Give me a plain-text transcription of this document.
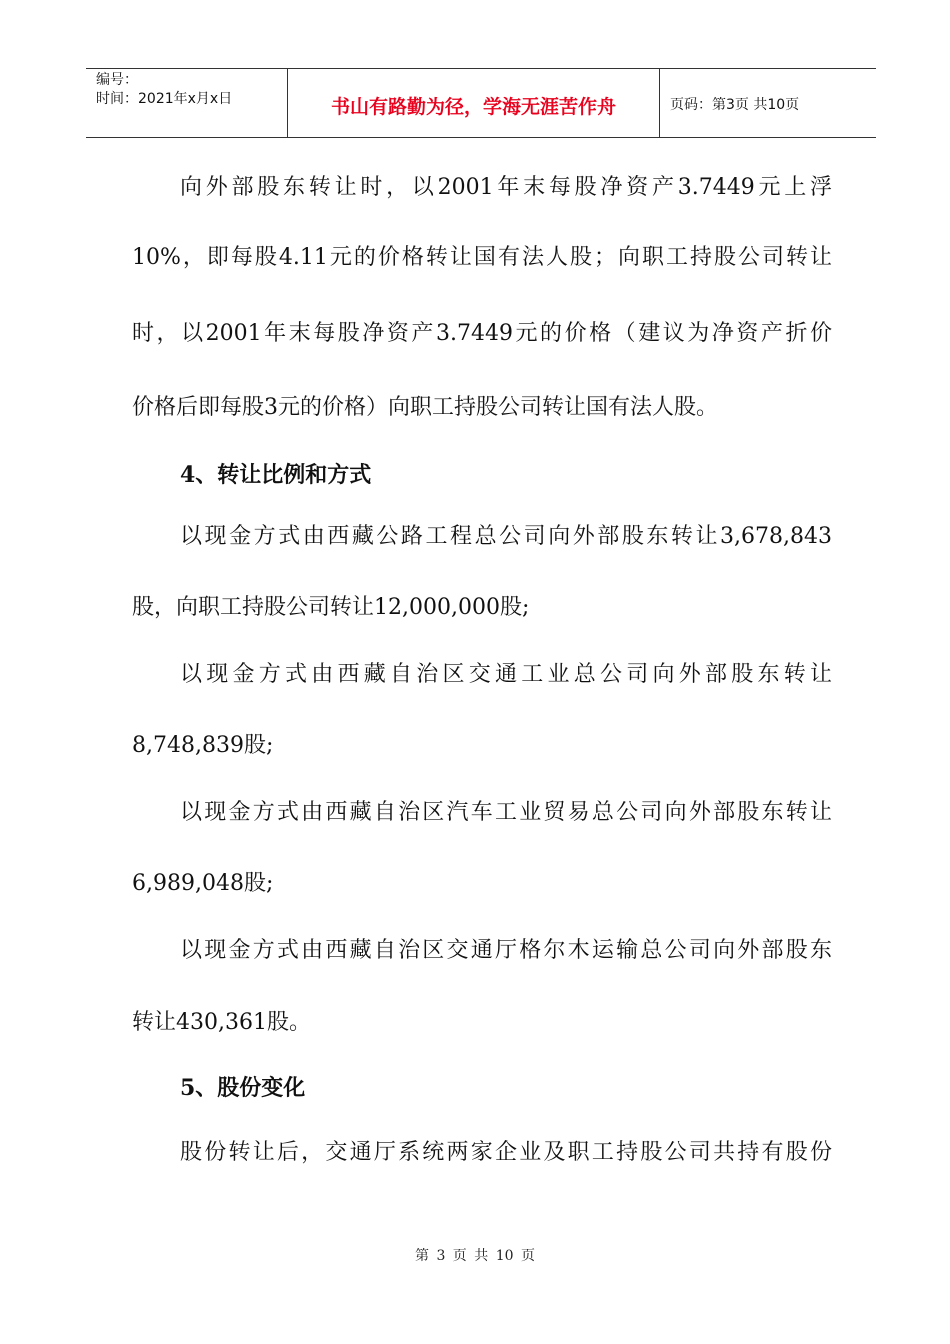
编号：
时间：2021年x月x日	书山有路勤为径，学海无涯苦作舟	页码：第3页 共10页
向外部股东转让时，以2001年末每股净资产3.7449元上浮
10%，即每股4.11元的价格转让国有法人股；向职工持股公司转让
时，以2001年末每股净资产3.7449元的价格（建议为净资产折价
价格后即每股3元的价格）向职工持股公司转让国有法人股。
4、转让比例和方式
以现金方式由西藏公路工程总公司向外部股东转让3,678,843
股，向职工持股公司转让12,000,000股;
以现金方式由西藏自治区交通工业总公司向外部股东转让
8,748,839股;
以现金方式由西藏自治区汽车工业贸易总公司向外部股东转让
6,989,048股;
以现金方式由西藏自治区交通厅格尔木运输总公司向外部股东
转让430,361股。
5、股份变化
股份转让后，交通厅系统两家企业及职工持股公司共持有股份
第 3 页 共 10 页
